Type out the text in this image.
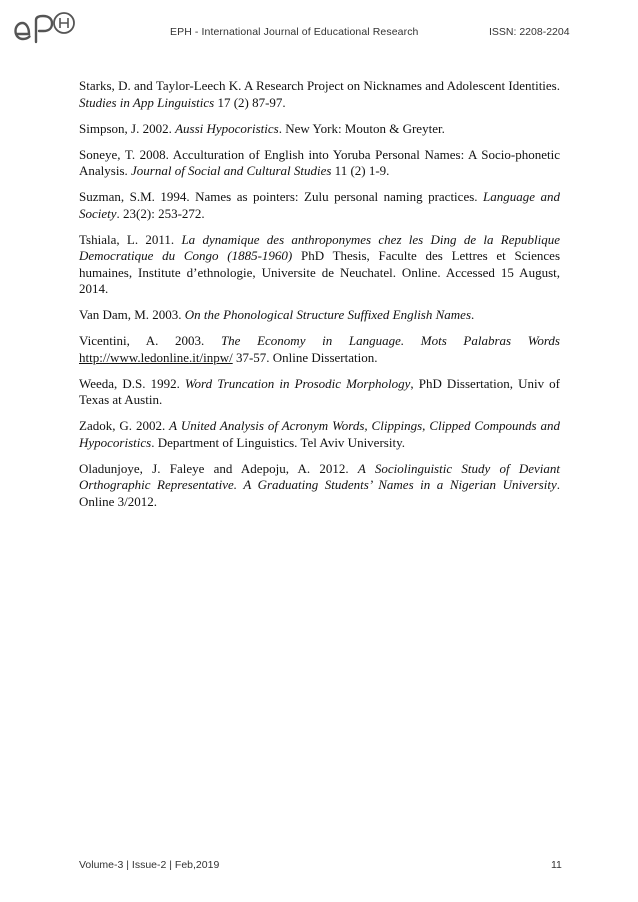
EPH - International Journal of Educational Research	ISSN: 2208-2204

Starks, D. and Taylor-Leech K. A Research Project on Nicknames and Adolescent Identities. Studies in App Linguistics 17 (2) 87-97.

Simpson, J. 2002. Aussi Hypocoristics. New York: Mouton & Greyter.

Soneye, T. 2008. Acculturation of English into Yoruba Personal Names: A Socio-phonetic Analysis. Journal of Social and Cultural Studies 11 (2) 1-9.

Suzman, S.M. 1994. Names as pointers: Zulu personal naming practices. Language and Society. 23(2): 253-272.

Tshiala, L. 2011. La dynamique des anthroponymes chez les Ding de la Republique Democratique du Congo (1885-1960) PhD Thesis, Faculte des Lettres et Sciences humaines, Institute d’ethnologie, Universite de Neuchatel. Online. Accessed 15 August, 2014.

Van Dam, M. 2003. On the Phonological Structure Suffixed English Names.

Vicentini, A. 2003. The Economy in Language. Mots Palabras Words http://www.ledonline.it/inpw/ 37-57. Online Dissertation.

Weeda, D.S. 1992. Word Truncation in Prosodic Morphology, PhD Dissertation, Univ of Texas at Austin.

Zadok, G. 2002. A United Analysis of Acronym Words, Clippings, Clipped Compounds and Hypocoristics. Department of Linguistics. Tel Aviv University.

Oladunjoye, J. Faleye and Adepoju, A. 2012. A Sociolinguistic Study of Deviant Orthographic Representative. A Graduating Students’ Names in a Nigerian University. Online 3/2012.

Volume-3 | Issue-2 | Feb,2019	11
